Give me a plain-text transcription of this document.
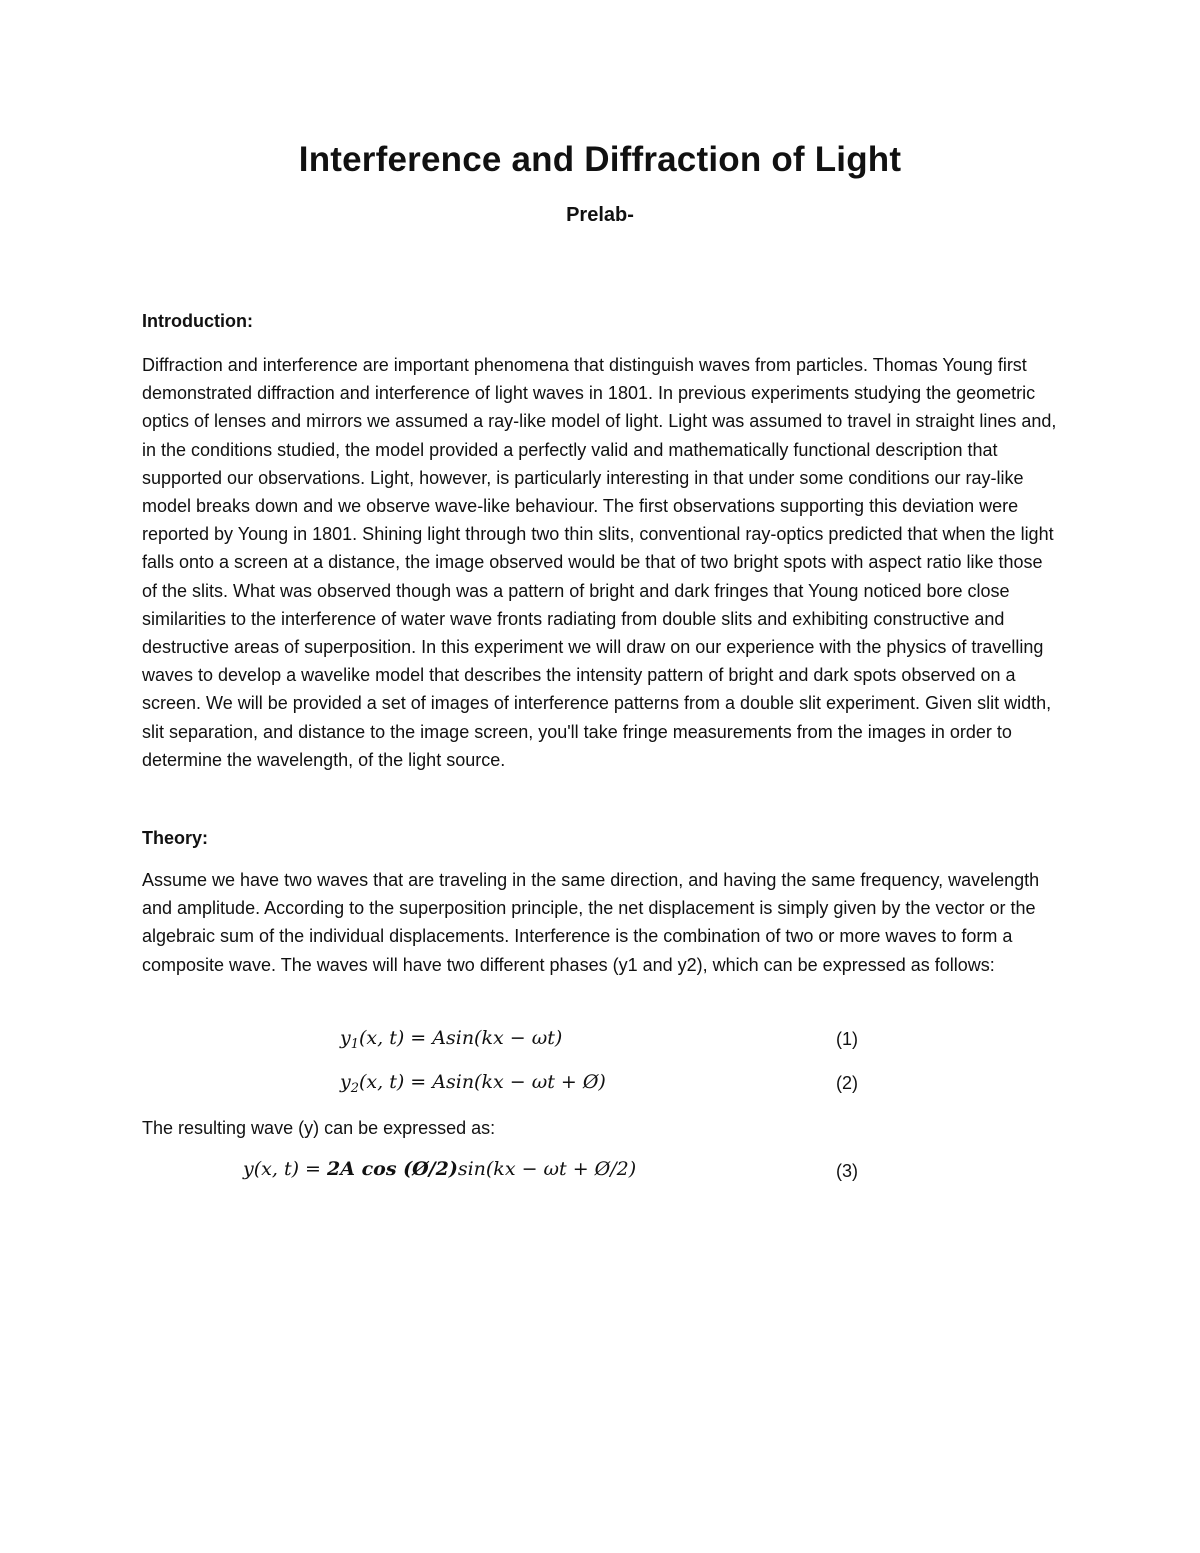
Interference and Diffraction of Light
Prelab-
Introduction:

Diffraction and interference are important phenomena that distinguish waves from particles. Thomas Young first demonstrated diffraction and interference of light waves in 1801. In previous experiments studying the geometric optics of lenses and mirrors we assumed a ray-like model of light. Light was assumed to travel in straight lines and, in the conditions studied, the model provided a perfectly valid and mathematically functional description that supported our observations. Light, however, is particularly interesting in that under some conditions our ray-like model breaks down and we observe wave-like behaviour. The first observations supporting this deviation were reported by Young in 1801. Shining light through two thin slits, conventional ray-optics predicted that when the light falls onto a screen at a distance, the image observed would be that of two bright spots with aspect ratio like those of the slits. What was observed though was a pattern of bright and dark fringes that Young noticed bore close similarities to the interference of water wave fronts radiating from double slits and exhibiting constructive and destructive areas of superposition. In this experiment we will draw on our experience with the physics of travelling waves to develop a wavelike model that describes the intensity pattern of bright and dark spots observed on a screen. We will be provided a set of images of interference patterns from a double slit experiment. Given slit width, slit separation, and distance to the image screen, you'll take fringe measurements from the images in order to determine the wavelength, of the light source.

Theory:

Assume we have two waves that are traveling in the same direction, and having the same frequency, wavelength and amplitude. According to the superposition principle, the net displacement is simply given by the vector or the algebraic sum of the individual displacements. Interference is the combination of two or more waves to form a composite wave. The waves will have two different phases (y1 and y2), which can be expressed as follows:

$y_1(x$, t) = Asin(kx − ωt)	(1)
$y_2(x$, t) = Asin(kx − ωt + Ø)	(2)
The resulting wave (y) can be expressed as:
y(x, t) = 2A cos (Ø/2)sin(kx − ωt + Ø/2)	(3)
